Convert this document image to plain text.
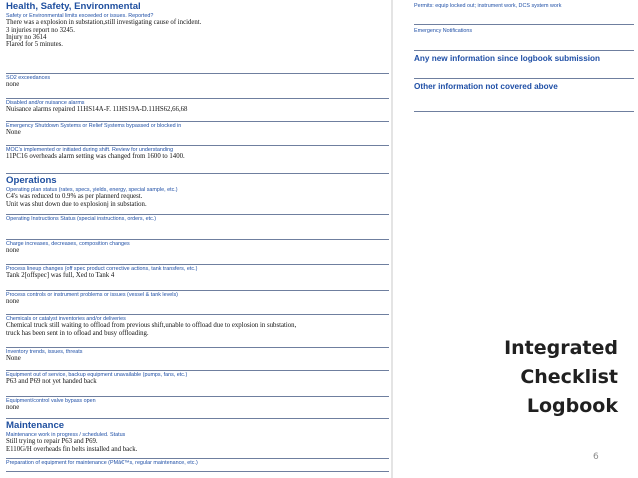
Health, Safety, Environmental
Safety or Environmental limits exceeded or issues. Reported?
There was a explosion in substation,still investigating cause of incident.
3 injuries report no 3245.
Injury no 3614
Flared for 5 minutes.
SO2 exceedances
none
Disabled and/or nuisance alarms
Nuisance alarms repaired 11HS14A-F. 11HS19A-D.11HS62,66,68
Emergency Shutdown Systems or Relief Systems bypassed or blocked in
None
MOC’s implemented or initiated during shift. Review for understanding
11PC16 overheads alarm setting was changed from 1600 to 1400.
Operations
Operating plan status (rates, specs, yields, energy, special sample, etc.)
C4's was reduced to 0.9% as per plannerd request.
Unit was shut down due to explosionj in substation.
Operating Instructions Status (special instructions, orders, etc.)
Charge increases, decreases, composition changes
none
Process lineup changes (off spec product corrective actions, tank transfers, etc.)
Tank 2[offspec] was full, Xed to Tank 4
Process controls or instrument problems or issues (vessel & tank levels)
none
Chemicals or catalyst inventories and/or deliveries
Chemical truck still waiting to offload from previous shift,unable to offload due to explosion in substation,
truck has been sent in to ofload and busy offloading.
Inventory trends, issues, threats
None
Equipment out of service, backup equipment unavailable (pumps, fans, etc.)
P63 and P69 not yet handed back
Equipment/control valve bypass open
none
Maintenance
Maintenance work in progress / scheduled. Status
Still trying to repair P63 and P69.
E110G/H overheads fin belts installed and back.
Preparation of equipment for maintenance (PMâ€™s, regular maintenance, etc.)
Permits: equip locked out; instrument work, DCS system work
Emergency Notifications
Any new information since logbook submission
Other information not covered above
Integrated
Checklist
Logbook
6
